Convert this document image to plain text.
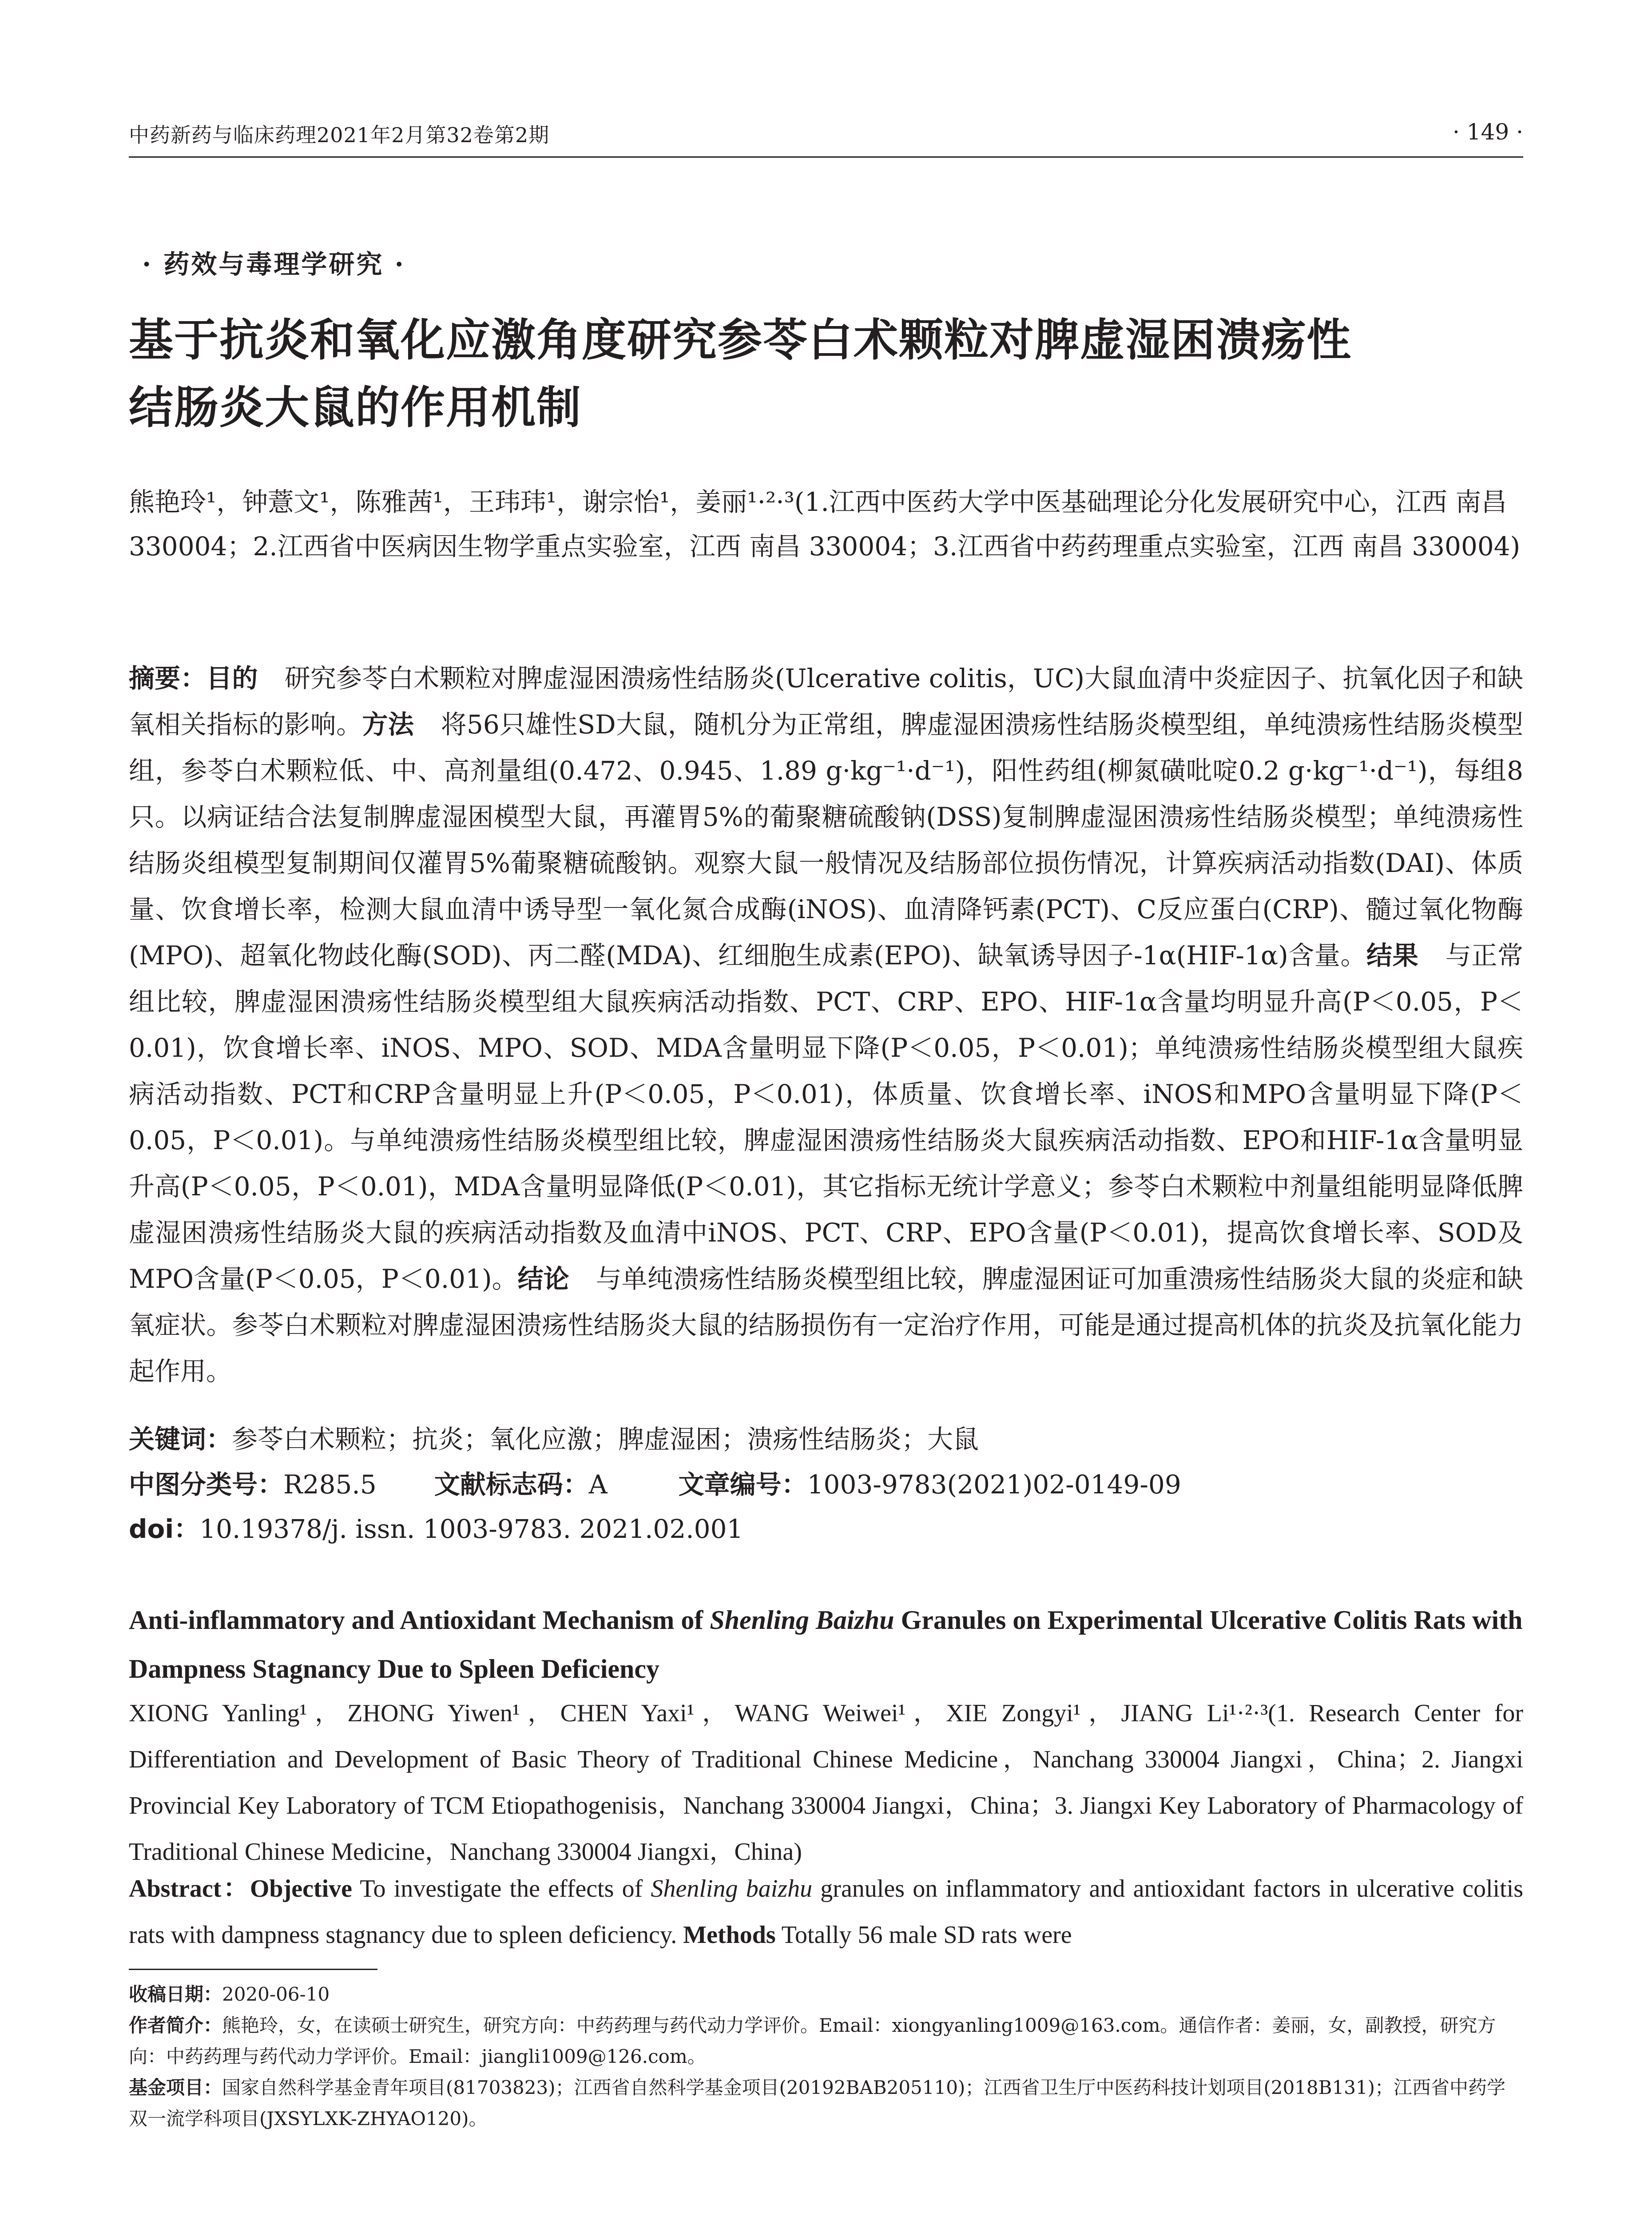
中药新药与临床药理2021年2月第32卷第2期	· 149 ·
· 药效与毒理学研究 ·
基于抗炎和氧化应激角度研究参苓白术颗粒对脾虚湿困溃疡性
结肠炎大鼠的作用机制
熊艳玲¹，钟薏文¹，陈雅茜¹，王玮玮¹，谢宗怡¹，姜丽¹·²·³(1.江西中医药大学中医基础理论分化发展研究中心，江西 南昌 330004；2.江西省中医病因生物学重点实验室，江西 南昌 330004；3.江西省中药药理重点实验室，江西 南昌 330004)
摘要：目的 研究参苓白术颗粒对脾虚湿困溃疡性结肠炎(Ulcerative colitis，UC)大鼠血清中炎症因子、抗氧化因子和缺氧相关指标的影响。方法 将56只雄性SD大鼠，随机分为正常组，脾虚湿困溃疡性结肠炎模型组，单纯溃疡性结肠炎模型组，参苓白术颗粒低、中、高剂量组(0.472、0.945、1.89 g·kg⁻¹·d⁻¹)，阳性药组(柳氮磺吡啶0.2 g·kg⁻¹·d⁻¹)，每组8只。以病证结合法复制脾虚湿困模型大鼠，再灌胃5%的葡聚糖硫酸钠(DSS)复制脾虚湿困溃疡性结肠炎模型；单纯溃疡性结肠炎组模型复制期间仅灌胃5%葡聚糖硫酸钠。观察大鼠一般情况及结肠部位损伤情况，计算疾病活动指数(DAI)、体质量、饮食增长率，检测大鼠血清中诱导型一氧化氮合成酶(iNOS)、血清降钙素(PCT)、C反应蛋白(CRP)、髓过氧化物酶(MPO)、超氧化物歧化酶(SOD)、丙二醛(MDA)、红细胞生成素(EPO)、缺氧诱导因子-1α(HIF-1α)含量。结果 与正常组比较，脾虚湿困溃疡性结肠炎模型组大鼠疾病活动指数、PCT、CRP、EPO、HIF-1α含量均明显升高(P＜0.05，P＜0.01)，饮食增长率、iNOS、MPO、SOD、MDA含量明显下降(P＜0.05，P＜0.01)；单纯溃疡性结肠炎模型组大鼠疾病活动指数、PCT和CRP含量明显上升(P＜0.05，P＜0.01)，体质量、饮食增长率、iNOS和MPO含量明显下降(P＜0.05，P＜0.01)。与单纯溃疡性结肠炎模型组比较，脾虚湿困溃疡性结肠炎大鼠疾病活动指数、EPO和HIF-1α含量明显升高(P＜0.05，P＜0.01)，MDA含量明显降低(P＜0.01)，其它指标无统计学意义；参苓白术颗粒中剂量组能明显降低脾虚湿困溃疡性结肠炎大鼠的疾病活动指数及血清中iNOS、PCT、CRP、EPO含量(P＜0.01)，提高饮食增长率、SOD及MPO含量(P＜0.05，P＜0.01)。结论 与单纯溃疡性结肠炎模型组比较，脾虚湿困证可加重溃疡性结肠炎大鼠的炎症和缺氧症状。参苓白术颗粒对脾虚湿困溃疡性结肠炎大鼠的结肠损伤有一定治疗作用，可能是通过提高机体的抗炎及抗氧化能力起作用。
关键词：参苓白术颗粒；抗炎；氧化应激；脾虚湿困；溃疡性结肠炎；大鼠
中图分类号：R285.5 文献标志码：A	文章编号：1003-9783(2021)02-0149-09
doi：10.19378/j. issn. 1003-9783. 2021.02.001
Anti-inflammatory and Antioxidant Mechanism of Shenling Baizhu Granules on Experimental Ulcerative Colitis Rats with Dampness Stagnancy Due to Spleen Deficiency
XIONG Yanling¹，ZHONG Yiwen¹，CHEN Yaxi¹，WANG Weiwei¹，XIE Zongyi¹，JIANG Li¹·²·³(1. Research Center for Differentiation and Development of Basic Theory of Traditional Chinese Medicine，Nanchang 330004 Jiangxi，China；2. Jiangxi Provincial Key Laboratory of TCM Etiopathogenisis，Nanchang 330004 Jiangxi，China；3. Jiangxi Key Laboratory of Pharmacology of Traditional Chinese Medicine，Nanchang 330004 Jiangxi，China)
Abstract：Objective To investigate the effects of Shenling baizhu granules on inflammatory and antioxidant factors in ulcerative colitis rats with dampness stagnancy due to spleen deficiency. Methods Totally 56 male SD rats were
收稿日期：2020-06-10
作者简介：熊艳玲，女，在读硕士研究生，研究方向：中药药理与药代动力学评价。Email：xiongyanling1009@163.com。通信作者：姜丽，女，副教授，研究方向：中药药理与药代动力学评价。Email：jiangli1009@126.com。
基金项目：国家自然科学基金青年项目(81703823)；江西省自然科学基金项目(20192BAB205110)；江西省卫生厅中医药科技计划项目(2018B131)；江西省中药学双一流学科项目(JXSYLXK-ZHYAO120)。
